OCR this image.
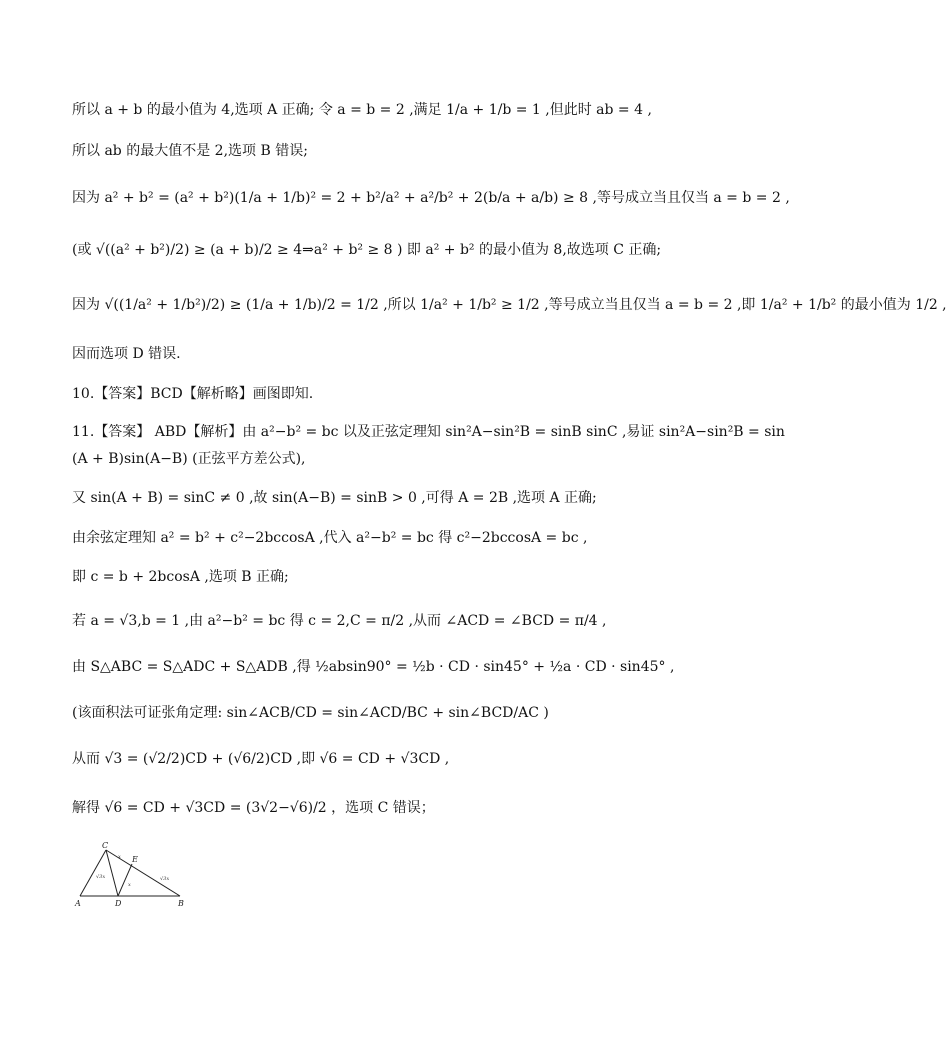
所以 a + b 的最小值为 4,选项 A 正确; 令 a = b = 2 ,满足 1/a + 1/b = 1 ,但此时 ab = 4 ,
所以 ab 的最大值不是 2,选项 B 错误;
因为 a² + b² = (a² + b²)(1/a + 1/b)² = 2 + b²/a² + a²/b² + 2(b/a + a/b) ≥ 8 ,等号成立当且仅当 a = b = 2 ,
(或 √((a² + b²)/2) ≥ (a + b)/2 ≥ 4⇒a² + b² ≥ 8 ) 即 a² + b² 的最小值为 8,故选项 C 正确;
因为 √((1/a² + 1/b²)/2) ≥ (1/a + 1/b)/2 = 1/2 ,所以 1/a² + 1/b² ≥ 1/2 ,等号成立当且仅当 a = b = 2 ,即 1/a² + 1/b² 的最小值为 1/2 ,
因而选项 D 错误.
10.【答案】BCD【解析略】画图即知.
11.【答案】 ABD【解析】由 a²−b² = bc 以及正弦定理知 sin²A−sin²B = sinB sinC ,易证 sin²A−sin²B = sin
(A + B)sin(A−B) (正弦平方差公式),
又 sin(A + B) = sinC ≠ 0 ,故 sin(A−B) = sinB > 0 ,可得 A = 2B ,选项 A 正确;
由余弦定理知 a² = b² + c²−2bccosA ,代入 a²−b² = bc 得 c²−2bccosA = bc ,
即 c = b + 2bcosA ,选项 B 正确;
若 a = √3,b = 1 ,由 a²−b² = bc 得 c = 2,C = π/2 ,从而 ∠ACD = ∠BCD = π/4 ,
由 S△ABC = S△ADC + S△ADB ,得 ½absin90° = ½b · CD · sin45° + ½a · CD · sin45° ,
(该面积法可证张角定理: sin∠ACB/CD = sin∠ACD/BC + sin∠BCD/AC )
从而 √3 = (√2/2)CD + (√6/2)CD ,即 √6 = CD + √3CD ,
解得 √6 = CD + √3CD = (3√2−√6)/2 ，选项 C 错误；
C
E
A	D	B
√3x
x
x
√3x
